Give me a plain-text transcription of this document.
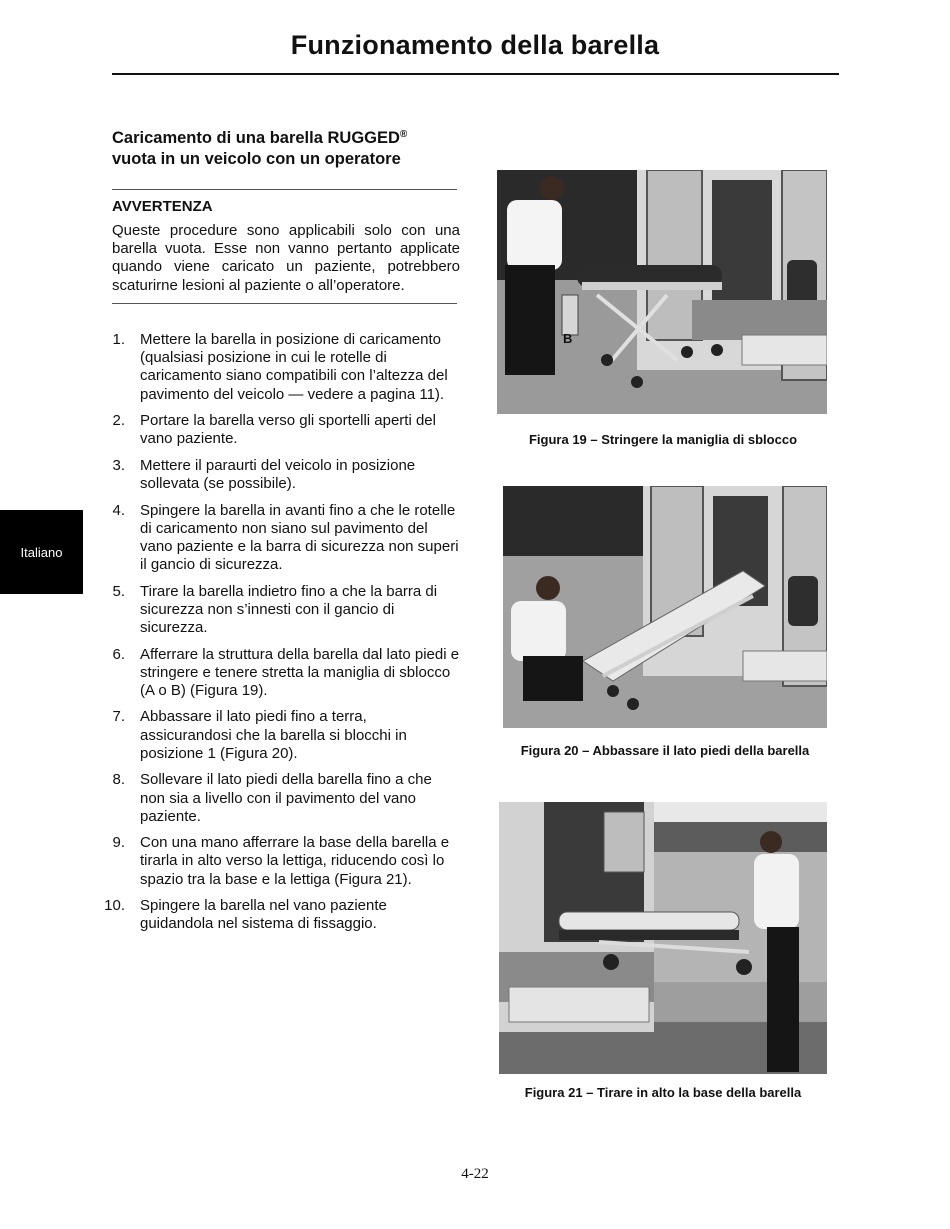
Funzionamento della barella
Caricamento di una barella RUGGED®
vuota in un veicolo con un operatore
AVVERTENZA
Queste procedure sono applicabili solo con una barella vuota. Esse non vanno pertanto applicate quando viene caricato un paziente, potrebbero scaturirne lesioni al paziente o all’operatore.
1. Mettere la barella in posizione di caricamento (qualsiasi posizione in cui le rotelle di caricamento siano compatibili con l’altezza del pavimento del veicolo — vedere a pagina 11).
2. Portare la barella verso gli sportelli aperti del vano paziente.
3. Mettere il paraurti del veicolo in posizione sollevata (se possibile).
4. Spingere la barella in avanti fino a che le rotelle di caricamento non siano sul pavimento del vano paziente e la barra di sicurezza non superi il gancio di sicurezza.
5. Tirare la barella indietro fino a che la barra di sicurezza non s’innesti con il gancio di sicurezza.
6. Afferrare la struttura della barella dal lato piedi e stringere e tenere stretta la maniglia di sblocco (A o B) (Figura 19).
7. Abbassare il lato piedi fino a terra, assicurandosi che la barella si blocchi in posizione 1 (Figura 20).
8. Sollevare il lato piedi della barella fino a che non sia a livello con il pavimento del vano paziente.
9. Con una mano afferrare la base della barella e tirarla in alto verso la lettiga, riducendo così lo spazio tra la base e la lettiga (Figura 21).
10. Spingere la barella nel vano paziente guidandola nel sistema di fissaggio.
Italiano
B
Figura 19 – Stringere la maniglia di sblocco
Figura 20 – Abbassare il lato piedi della barella
Figura 21 – Tirare in alto la base della barella
4-22
